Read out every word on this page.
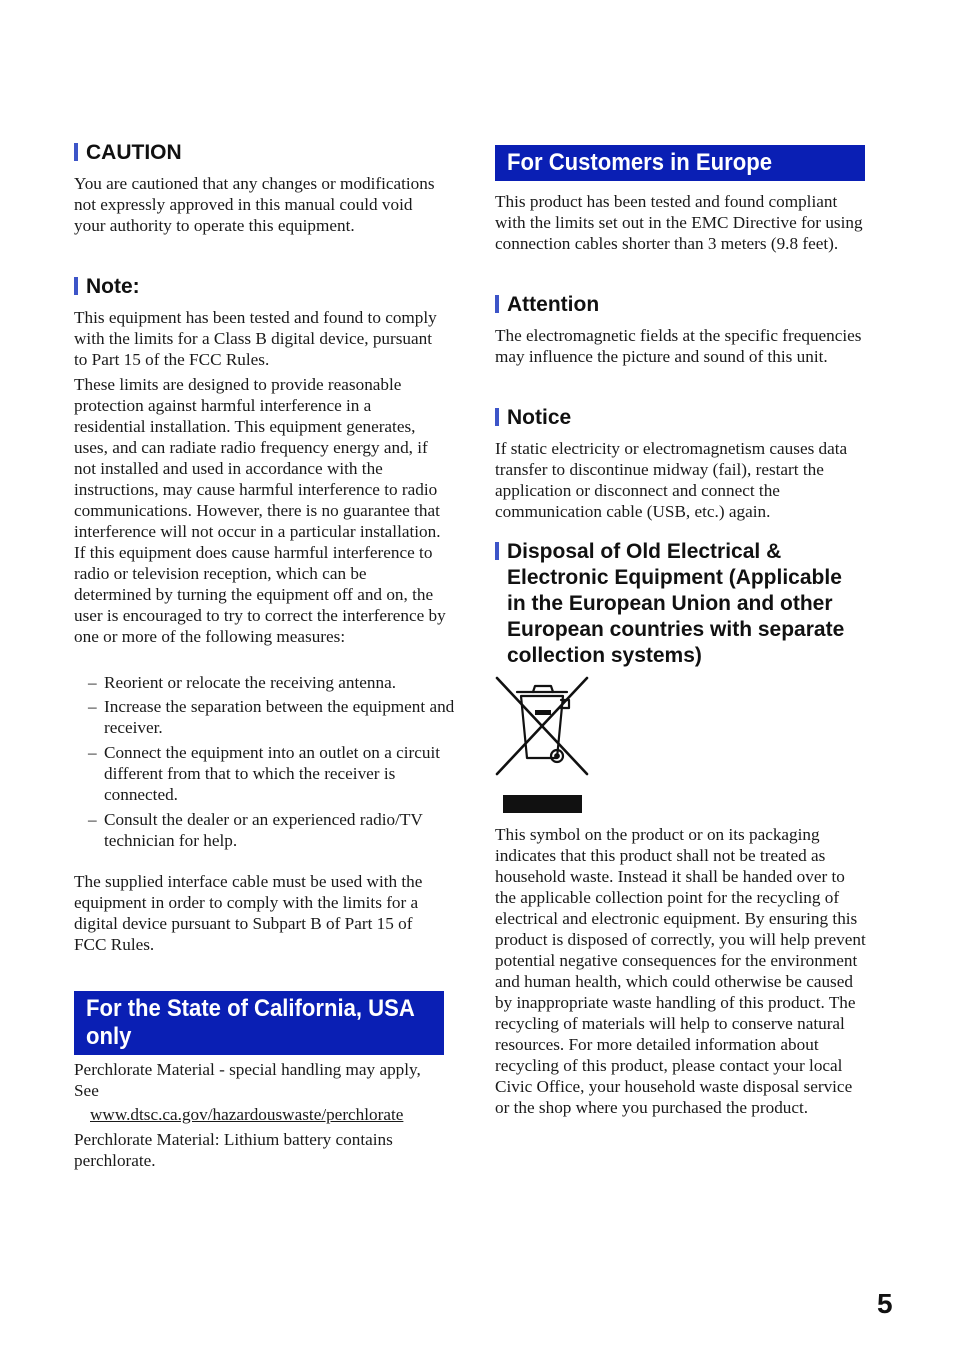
CAUTION

You are cautioned that any changes or modifications not expressly approved in this manual could void your authority to operate this equipment.

Note:

This equipment has been tested and found to comply with the limits for a Class B digital device, pursuant to Part 15 of the FCC Rules.

These limits are designed to provide reasonable protection against harmful interference in a residential installation. This equipment generates, uses, and can radiate radio frequency energy and, if not installed and used in accordance with the instructions, may cause harmful interference to radio communications. However, there is no guarantee that interference will not occur in a particular installation. If this equipment does cause harmful interference to radio or television reception, which can be determined by turning the equipment off and on, the user is encouraged to try to correct the interference by one or more of the following measures:

– Reorient or relocate the receiving antenna.
– Increase the separation between the equipment and receiver.
– Connect the equipment into an outlet on a circuit different from that to which the receiver is connected.
– Consult the dealer or an experienced radio/TV technician for help.

The supplied interface cable must be used with the equipment in order to comply with the limits for a digital device pursuant to Subpart B of Part 15 of FCC Rules.

For the State of California, USA
only

Perchlorate Material - special handling may apply, See

www.dtsc.ca.gov/hazardouswaste/perchlorate

Perchlorate Material: Lithium battery contains perchlorate.

For Customers in Europe

This product has been tested and found compliant with the limits set out in the EMC Directive for using connection cables shorter than 3 meters (9.8 feet).

Attention

The electromagnetic fields at the specific frequencies may influence the picture and sound of this unit.

Notice

If static electricity or electromagnetism causes data transfer to discontinue midway (fail), restart the application or disconnect and connect the communication cable (USB, etc.) again.

Disposal of Old Electrical &
Electronic Equipment (Applicable
in the European Union and other
European countries with separate
collection systems)

This symbol on the product or on its packaging indicates that this product shall not be treated as household waste. Instead it shall be handed over to the applicable collection point for the recycling of electrical and electronic equipment. By ensuring this product is disposed of correctly, you will help prevent potential negative consequences for the environment and human health, which could otherwise be caused by inappropriate waste handling of this product. The recycling of materials will help to conserve natural resources. For more detailed information about recycling of this product, please contact your local Civic Office, your household waste disposal service or the shop where you purchased the product.

5
